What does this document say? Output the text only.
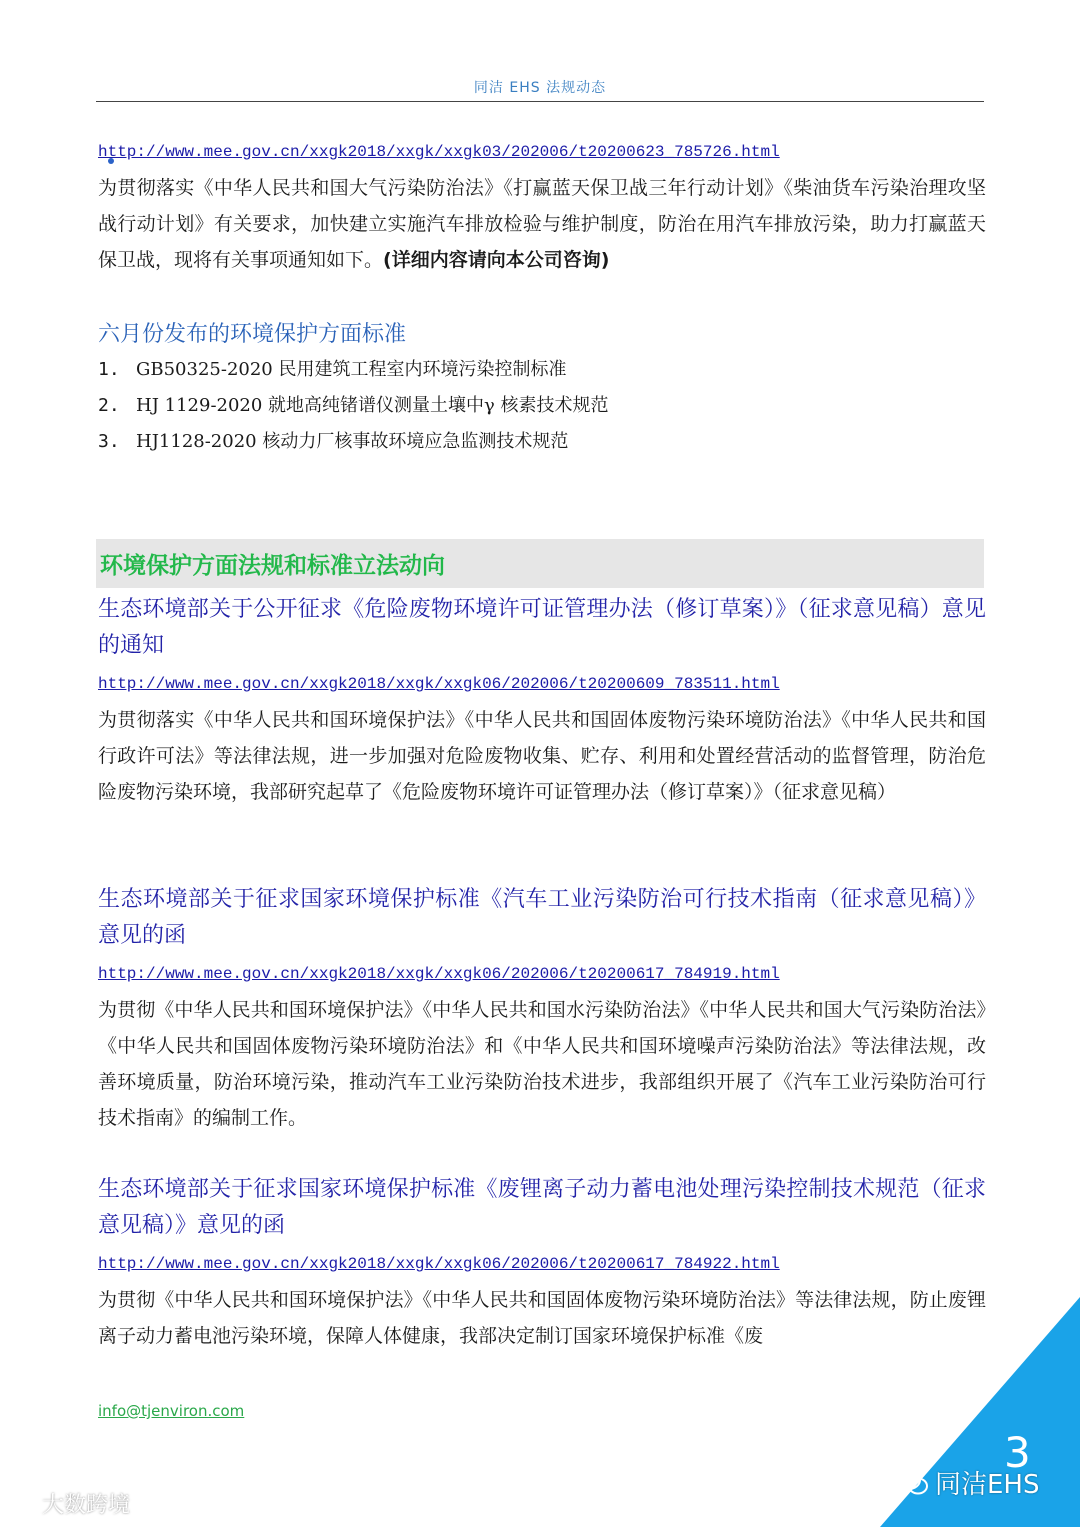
同洁 EHS 法规动态
http://www.mee.gov.cn/xxgk2018/xxgk/xxgk03/202006/t20200623_785726.html
为贯彻落实《中华人民共和国大气污染防治法》《打赢蓝天保卫战三年行动计划》《柴油货车污染治理攻坚战行动计划》有关要求，加快建立实施汽车排放检验与维护制度，防治在用汽车排放污染，助力打赢蓝天保卫战，现将有关事项通知如下。(详细内容请向本公司咨询)
六月份发布的环境保护方面标准
1. GB50325-2020 民用建筑工程室内环境污染控制标准
2. HJ 1129-2020 就地高纯锗谱仪测量土壤中γ 核素技术规范
3. HJ1128-2020 核动力厂核事故环境应急监测技术规范
环境保护方面法规和标准立法动向
生态环境部关于公开征求《危险废物环境许可证管理办法（修订草案）》（征求意见稿）意见的通知
http://www.mee.gov.cn/xxgk2018/xxgk/xxgk06/202006/t20200609_783511.html
为贯彻落实《中华人民共和国环境保护法》《中华人民共和国固体废物污染环境防治法》《中华人民共和国行政许可法》等法律法规，进一步加强对危险废物收集、贮存、利用和处置经营活动的监督管理，防治危险废物污染环境，我部研究起草了《危险废物环境许可证管理办法（修订草案）》（征求意见稿）
生态环境部关于征求国家环境保护标准《汽车工业污染防治可行技术指南（征求意见稿）》意见的函
http://www.mee.gov.cn/xxgk2018/xxgk/xxgk06/202006/t20200617_784919.html
为贯彻《中华人民共和国环境保护法》《中华人民共和国水污染防治法》《中华人民共和国大气污染防治法》《中华人民共和国固体废物污染环境防治法》和《中华人民共和国环境噪声污染防治法》等法律法规，改善环境质量，防治环境污染，推动汽车工业污染防治技术进步，我部组织开展了《汽车工业污染防治可行技术指南》的编制工作。
生态环境部关于征求国家环境保护标准《废锂离子动力蓄电池处理污染控制技术规范（征求意见稿）》意见的函
http://www.mee.gov.cn/xxgk2018/xxgk/xxgk06/202006/t20200617_784922.html
为贯彻《中华人民共和国环境保护法》《中华人民共和国固体废物污染环境防治法》等法律法规，防止废锂离子动力蓄电池污染环境，保障人体健康，我部决定制订国家环境保护标准《废
info@tjenviron.com
3
同洁EHS
大数跨境
